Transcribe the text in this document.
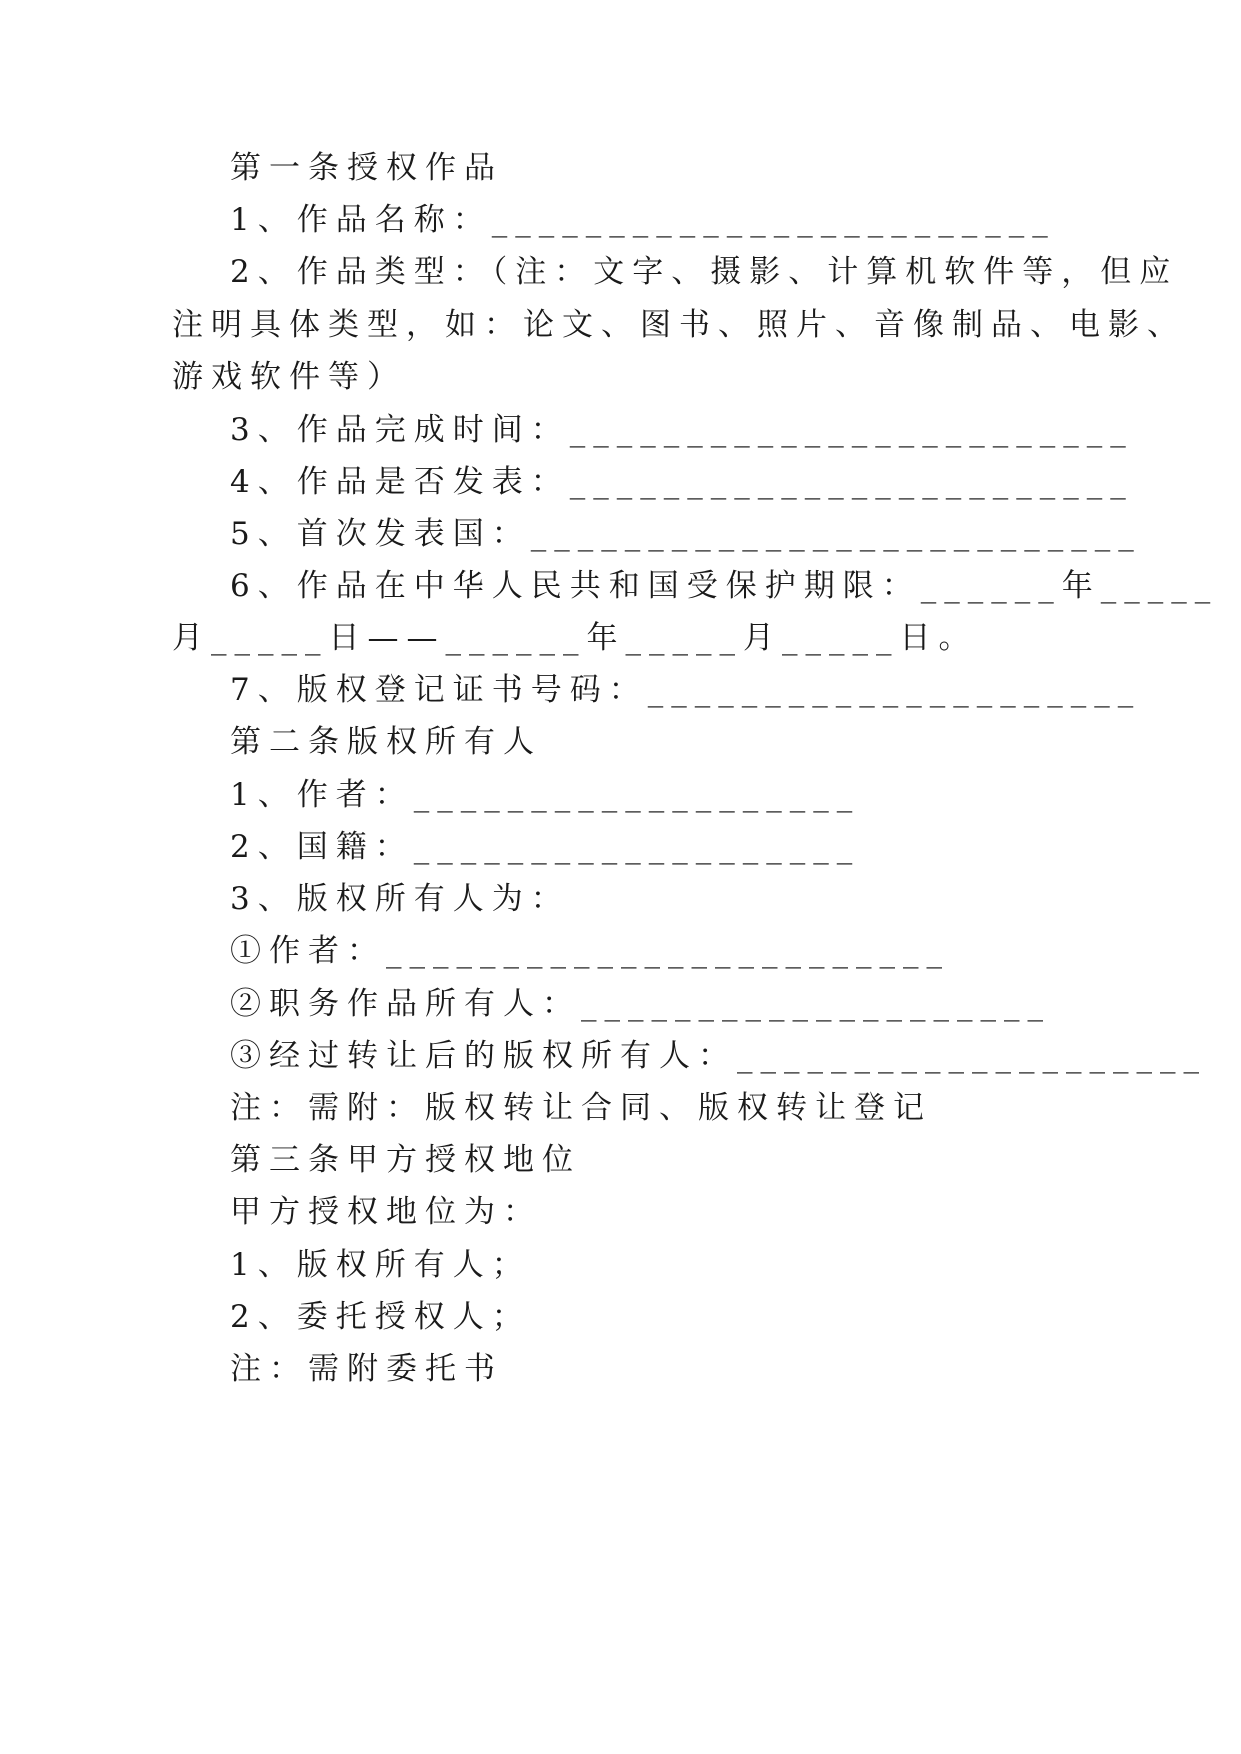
第一条授权作品
1、作品名称：________________________
2、作品类型：（注：文字、摄影、计算机软件等，但应
注明具体类型，如：论文、图书、照片、音像制品、电影、
游戏软件等）
3、作品完成时间：________________________
4、作品是否发表：________________________
5、首次发表国：__________________________
6、作品在中华人民共和国受保护期限：______年_____
月_____日——______年_____月_____日。
7、版权登记证书号码：_____________________
第二条版权所有人
1、作者：___________________
2、国籍：___________________
3、版权所有人为：
①作者：________________________
②职务作品所有人：____________________
③经过转让后的版权所有人：____________________
注：需附：版权转让合同、版权转让登记
第三条甲方授权地位
甲方授权地位为：
1、版权所有人；
2、委托授权人；
注：需附委托书
